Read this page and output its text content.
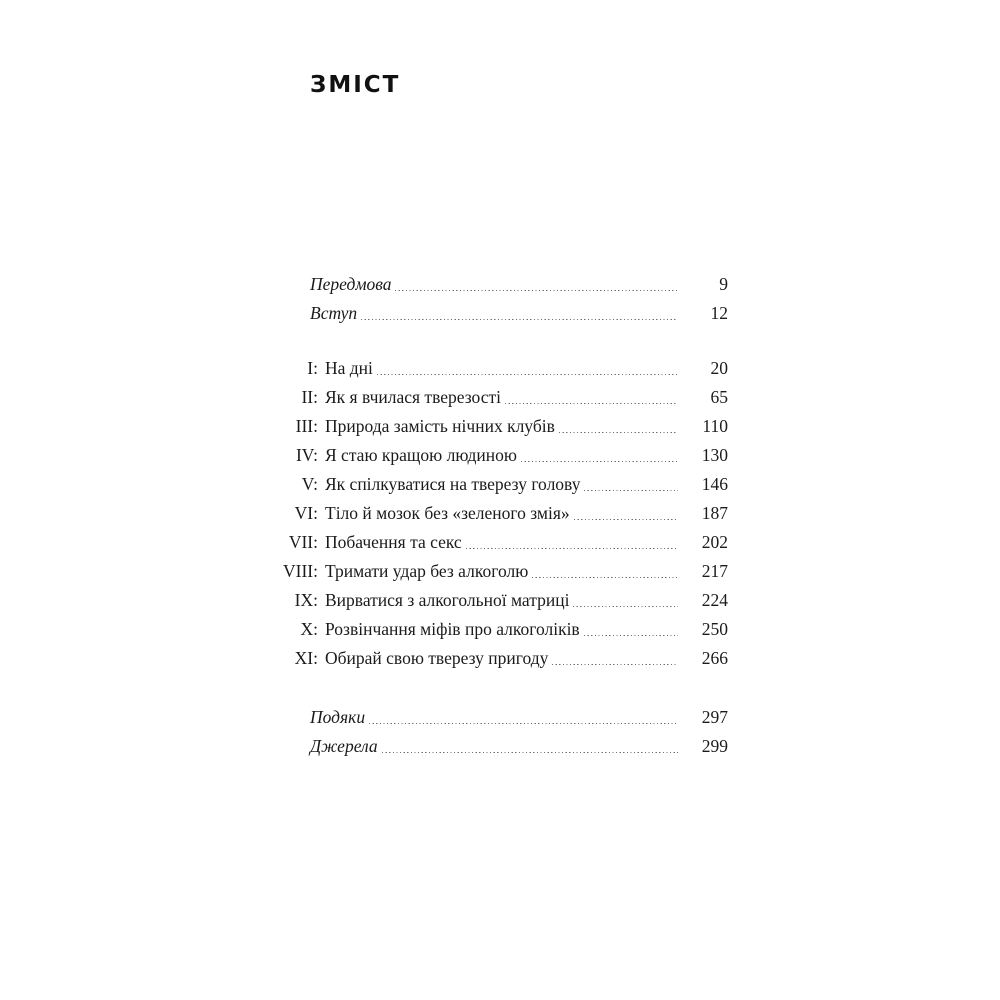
ЗМІСТ
Передмова	9
Вступ	12
I: На дні	20
II: Як я вчилася тверезості	65
III: Природа замість нічних клубів	110
IV: Я стаю кращою людиною	130
V: Як спілкуватися на тверезу голову	146
VI: Тіло й мозок без «зеленого змія»	187
VII: Побачення та секс	202
VIII: Тримати удар без алкоголю	217
IX: Вирватися з алкогольної матриці	224
X: Розвінчання міфів про алкоголіків	250
XI: Обирай свою тверезу пригоду	266
Подяки	297
Джерела	299
